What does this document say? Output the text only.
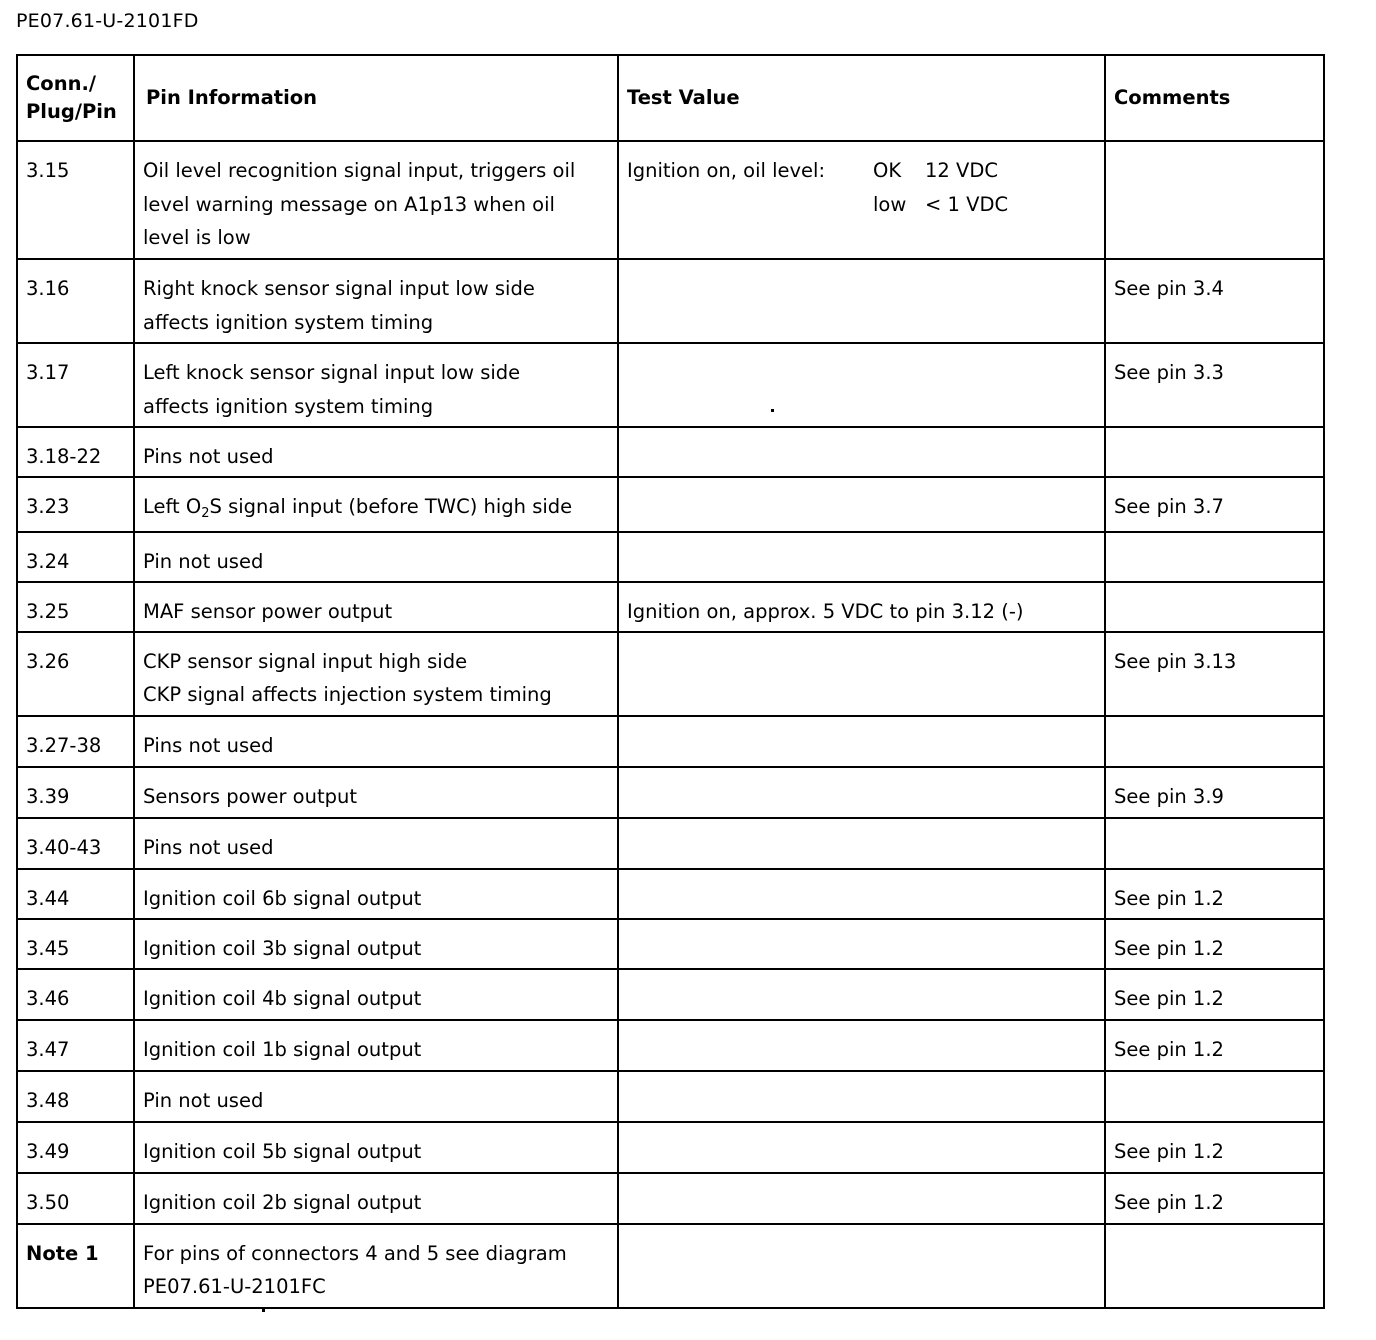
PE07.61-U-2101FD
Conn./
Plug/Pin	Pin Information	Test Value	Comments
3.15	Oil level recognition signal input, triggers oil
level warning message on A1p13 when oil
level is low	Ignition on, oil level: OK 12 VDC
low < 1 VDC	

3.16	Right knock sensor signal input low side
affects ignition system timing		See pin 3.4
3.17	Left knock sensor signal input low side
affects ignition system timing		See pin 3.3
3.18-22	Pins not used		
3.23	Left $O_2S$ signal input (before TWC) high side		See pin 3.7
3.24	Pin not used		
3.25	MAF sensor power output	Ignition on, approx. 5 VDC to pin 3.12 (-)	
3.26	CKP sensor signal input high side
CKP signal affects injection system timing		See pin 3.13
3.27-38	Pins not used		
3.39	Sensors power output		See pin 3.9
3.40-43	Pins not used		
3.44	Ignition coil 6b signal output		See pin 1.2
3.45	Ignition coil 3b signal output		See pin 1.2
3.46	Ignition coil 4b signal output		See pin 1.2
3.47	Ignition coil 1b signal output		See pin 1.2
3.48	Pin not used		
3.49	Ignition coil 5b signal output		See pin 1.2
3.50	Ignition coil 2b signal output		See pin 1.2
Note 1	For pins of connectors 4 and 5 see diagram
PE07.61-U-2101FC		
